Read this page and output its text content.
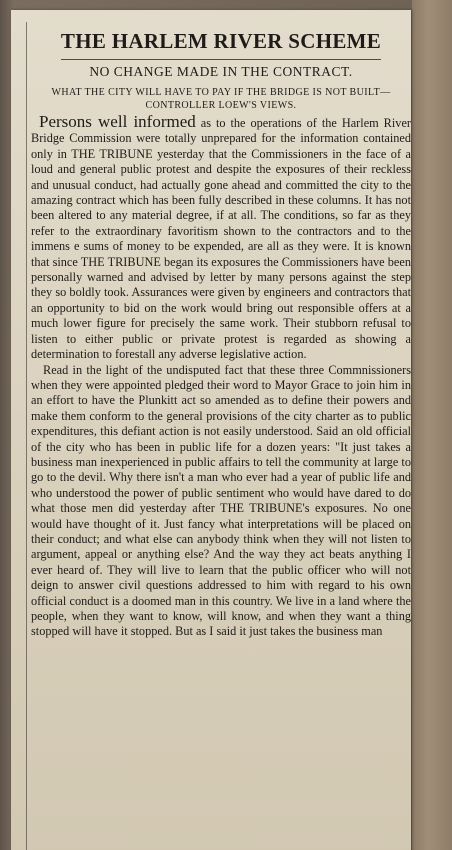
THE HARLEM RIVER SCHEME
NO CHANGE MADE IN THE CONTRACT.
WHAT THE CITY WILL HAVE TO PAY IF THE BRIDGE IS NOT BUILT—CONTROLLER LOEW'S VIEWS.

Persons well informed as to the operations of the Harlem River Bridge Commission were totally unprepared for the information contained only in THE TRIBUNE yesterday that the Commissioners in the face of a loud and general public protest and despite the exposures of their reckless and unusual conduct, had actually gone ahead and committed the city to the amazing contract which has been fully described in these columns. It has not been altered to any material degree, if at all. The conditions, so far as they refer to the extraordinary favoritism shown to the contractors and to the immens e sums of money to be expended, are all as they were. It is known that since THE TRIBUNE began its exposures the Commissioners have been personally warned and advised by letter by many persons against the step they so boldly took. Assurances were given by engineers and contractors that an opportunity to bid on the work would bring out responsible offers at a much lower figure for precisely the same work. Their stubborn refusal to listen to either public or private protest is regarded as showing a determination to forestall any adverse legislative action.

Read in the light of the undisputed fact that these three Commnissioners when they were appointed pledged their word to Mayor Grace to join him in an effort to have the Plunkitt act so amended as to define their powers and make them conform to the general provisions of the city charter as to public expenditures, this defiant action is not easily understood. Said an old official of the city who has been in public life for a dozen years: "It just takes a business man inexperienced in public affairs to tell the community at large to go to the devil. Why there isn't a man who ever had a year of public life and who understood the power of public sentiment who would have dared to do what those men did yesterday after THE TRIBUNE's exposures. No one would have thought of it. Just fancy what interpretations will be placed on their conduct; and what else can anybody think when they will not listen to argument, appeal or anything else? And the way they act beats anything I ever heard of. They will live to learn that the public officer who will not deign to answer civil questions addressed to him with regard to his own official conduct is a doomed man in this country. We live in a land where the people, when they want to know, will know, and when they want a thing stopped will have it stopped. But as I said it just takes the business man
